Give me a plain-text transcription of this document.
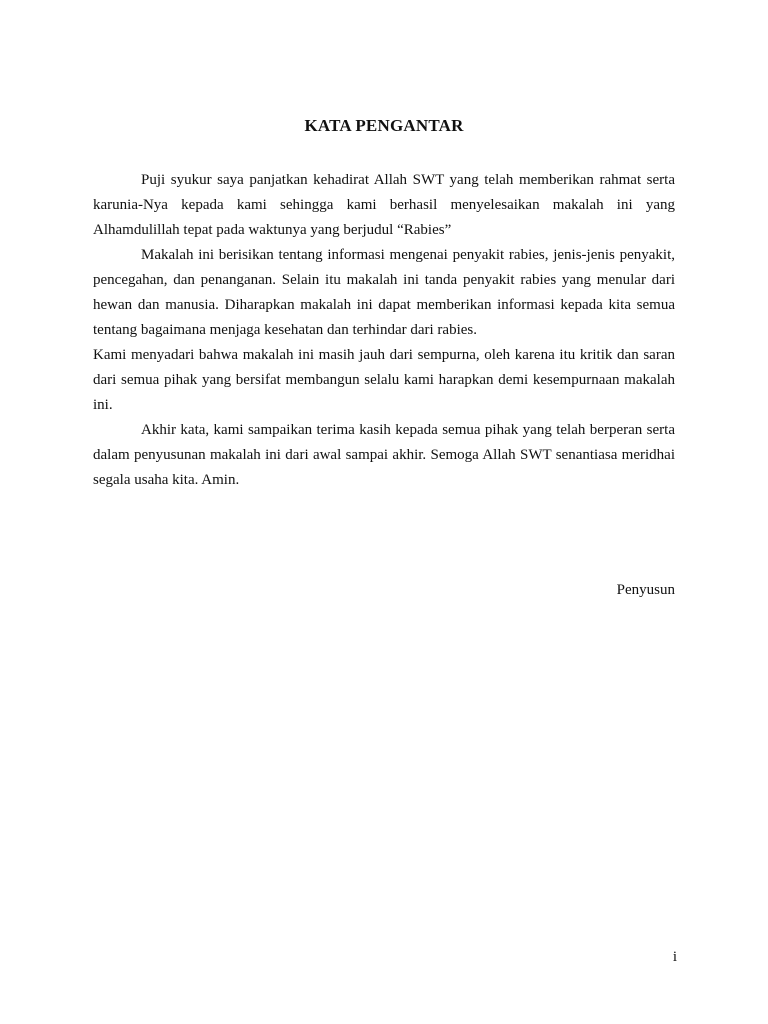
KATA PENGANTAR

Puji syukur saya panjatkan kehadirat Allah SWT yang telah memberikan rahmat serta karunia-Nya kepada kami sehingga kami berhasil menyelesaikan makalah ini yang Alhamdulillah tepat pada waktunya yang berjudul “Rabies”

Makalah ini berisikan tentang informasi mengenai penyakit rabies, jenis-jenis penyakit, pencegahan, dan penanganan. Selain itu makalah ini tanda penyakit rabies yang menular dari hewan dan manusia. Diharapkan makalah ini dapat memberikan informasi kepada kita semua tentang bagaimana menjaga kesehatan dan terhindar dari rabies.

Kami menyadari bahwa makalah ini masih jauh dari sempurna, oleh karena itu kritik dan saran dari semua pihak yang bersifat membangun selalu kami harapkan demi kesempurnaan makalah ini.

Akhir kata, kami sampaikan terima kasih kepada semua pihak yang telah berperan serta dalam penyusunan makalah ini dari awal sampai akhir. Semoga Allah SWT senantiasa meridhai segala usaha kita. Amin.

Penyusun
i
